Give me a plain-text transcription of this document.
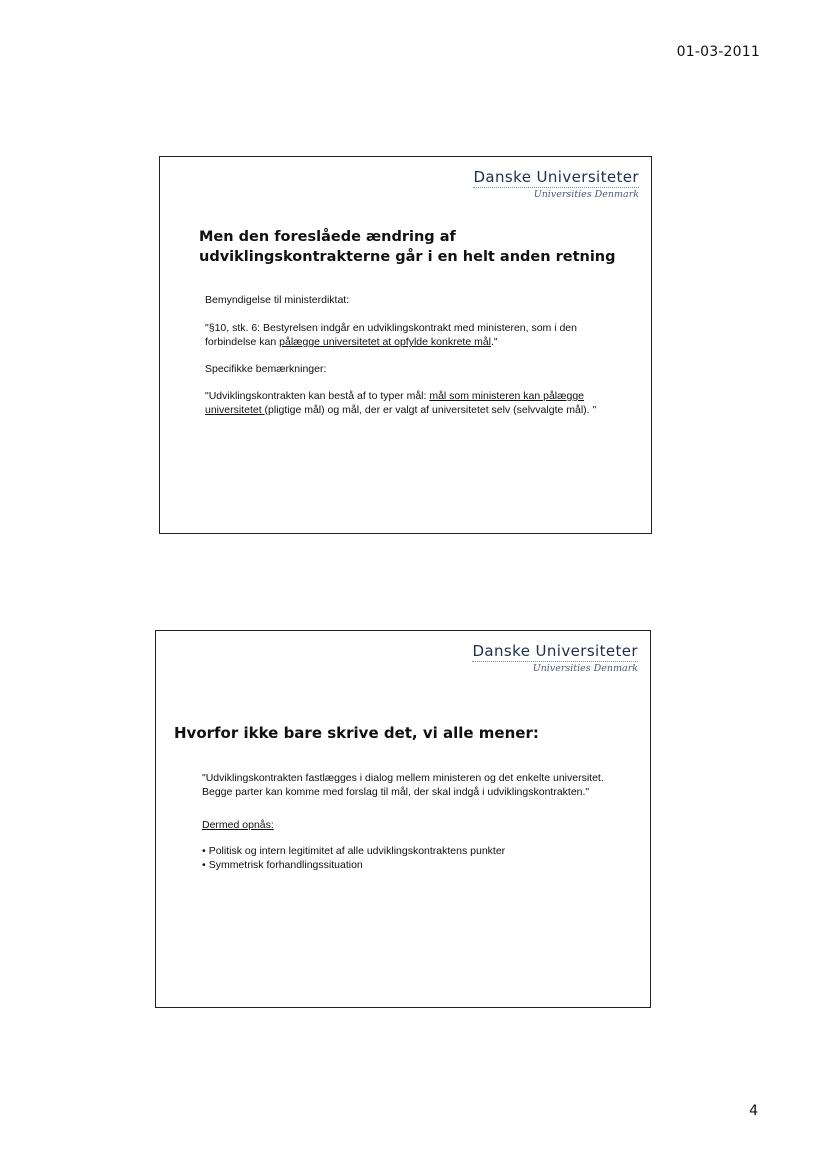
01-03-2011
Danske Universiteter
Universities Denmark
Men den foreslåede ændring af udviklingskontrakterne går i en helt anden retning

Bemyndigelse til ministerdiktat:

"§10, stk. 6: Bestyrelsen indgår en udviklingskontrakt med ministeren, som i den forbindelse kan pålægge universitetet at opfylde konkrete mål."

Specifikke bemærkninger:

"Udviklingskontrakten kan bestå af to typer mål: mål som ministeren kan pålægge universitetet (pligtige mål) og mål, der er valgt af universitetet selv (selvvalgte mål). "

Danske Universiteter
Universities Denmark
Hvorfor ikke bare skrive det, vi alle mener:

"Udviklingskontrakten fastlægges i dialog mellem ministeren og det enkelte universitet. Begge parter kan komme med forslag til mål, der skal indgå i udviklingskontrakten."

Dermed opnås:

• Politisk og intern legitimitet af alle udviklingskontraktens punkter
• Symmetrisk forhandlingssituation
4
